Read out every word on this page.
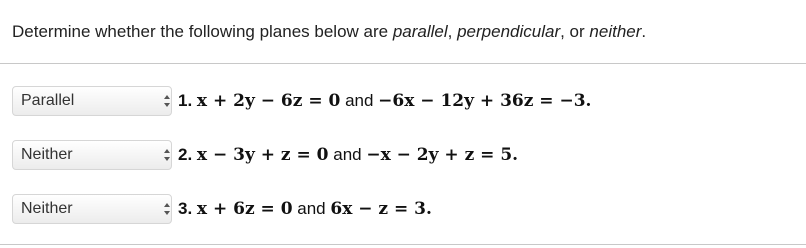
Determine whether the following planes below are parallel, perpendicular, or neither.
Parallel	1. x + 2y − 6z = 0 and −6x − 12y + 36z = −3.
Neither	2. x − 3y + z = 0 and −x − 2y + z = 5.
Neither	3. x + 6z = 0 and 6x − z = 3.
